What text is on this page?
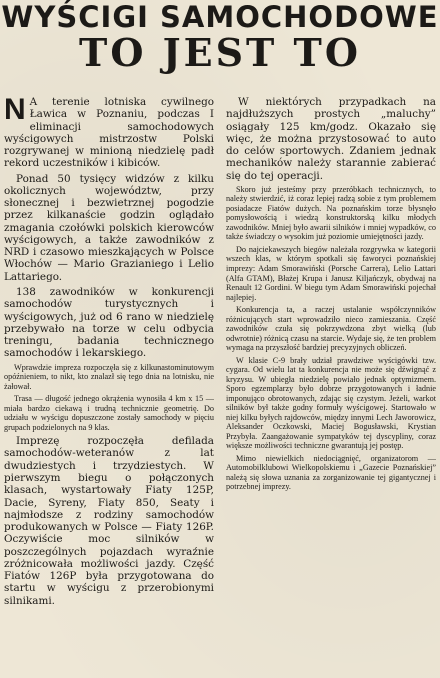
WYŚCIGI SAMOCHODOWE
TO JEST TO

N A terenie lotniska cywilnego Ławica w Poznaniu, podczas I eliminacji samochodowych wyścigowych mistrzostw Polski rozgrywanej w minioną niedzielę padł rekord uczestników i kibiców.

Ponad 50 tysięcy widzów z kilku okolicznych województw, przy słonecznej i bezwietrznej pogodzie przez kilkanaście godzin oglądało zmagania czołówki polskich kierowców wyścigowych, a także zawodników z NRD i czasowo mieszkających w Polsce Włochów — Mario Grazianiego i Lelio Lattariego.

138 zawodników w konkurencji samochodów turystycznych i wyścigowych, już od 6 rano w niedzielę przebywało na torze w celu odbycia treningu, badania technicznego samochodów i lekarskiego.

Wprawdzie impreza rozpoczęła się z kilkunastominutowym opóźnieniem, to nikt, kto znalazł się tego dnia na lotnisku, nie żałował.

Trasa — długość jednego okrążenia wynosiła 4 km x 15 — miała bardzo ciekawą i trudną technicznie geometrię. Do udziału w wyścigu dopuszczone zostały samochody w pięciu grupach podzielonych na 9 klas.

Imprezę rozpoczęła defilada samochodów-weteranów z lat dwudziestych i trzydziestych. W pierwszym biegu o połączonych klasach, wystartowały Fiaty 125P, Dacie, Syreny, Fiaty 850, Seaty i najmłodsze z rodziny samochodów produkowanych w Polsce — Fiaty 126P. Oczywiście moc silników w poszczególnych pojazdach wyraźnie zróżnicowała możliwości jazdy. Część Fiatów 126P była przygotowana do startu w wyścigu z przerobionymi silnikami.

W niektórych przypadkach na najdłuższych prostych „maluchy” osiągały 125 km/godz. Okazało się więc, że można przystosować to auto do celów sportowych. Zdaniem jednak mechaników należy starannie zabierać się do tej operacji.

Skoro już jesteśmy przy przeróbkach technicznych, to należy stwierdzić, iż coraz lepiej radzą sobie z tym problemem posiadacze Fiatów dużych. Na poznańskim torze błysnęło pomysłowością i wiedzą konstruktorską kilku młodych zawodników. Mniej było awarii silników i mniej wypadków, co także świadczy o wysokim już poziomie umiejętności jazdy.

Do najciekawszych biegów należała rozgrywka w kategorii wszech klas, w którym spotkali się faworyci poznańskiej imprezy: Adam Smorawiński (Porsche Carrera), Lelio Lattari (Alfa GTAM), Błażej Krupa i Janusz Kiljańczyk, obydwaj na Renault 12 Gordini. W biegu tym Adam Smorawiński pojechał najlepiej.

Konkurencja ta, a raczej ustalanie współczynników różnicujących start wprowadziło nieco zamieszania. Część zawodników czuła się pokrzywdzona zbyt wielką (lub odwrotnie) różnicą czasu na starcie. Wydaje się, że ten problem wymaga na przyszłość bardziej precyzyjnych obliczeń.

W klasie C-9 brały udział prawdziwe wyścigówki tzw. cygara. Od wielu lat ta konkurencja nie może się dźwignąć z kryzysu. W ubiegła niedzielę powiało jednak optymizmem. Sporo egzemplarzy było dobrze przygotowanych i ładnie imponująco obrotowanych, zdając się czystym. Jeżeli, warkot silników był także godny formuły wyścigowej. Startowało w niej kilku byłych rajdowców, między innymi Lech Jaworowicz, Aleksander Oczkowski, Maciej Bogusławski, Krystian Przybyła. Zaangażowanie sympatyków tej dyscypliny, coraz większe możliwości techniczne gwarantują jej postęp.

Mimo niewielkich niedociągnięć, organizatorom — Automobilklubowi Wielkopolskiemu i „Gazecie Poznańskiej” należą się słowa uznania za zorganizowanie tej gigantycznej i potrzebnej imprezy.
